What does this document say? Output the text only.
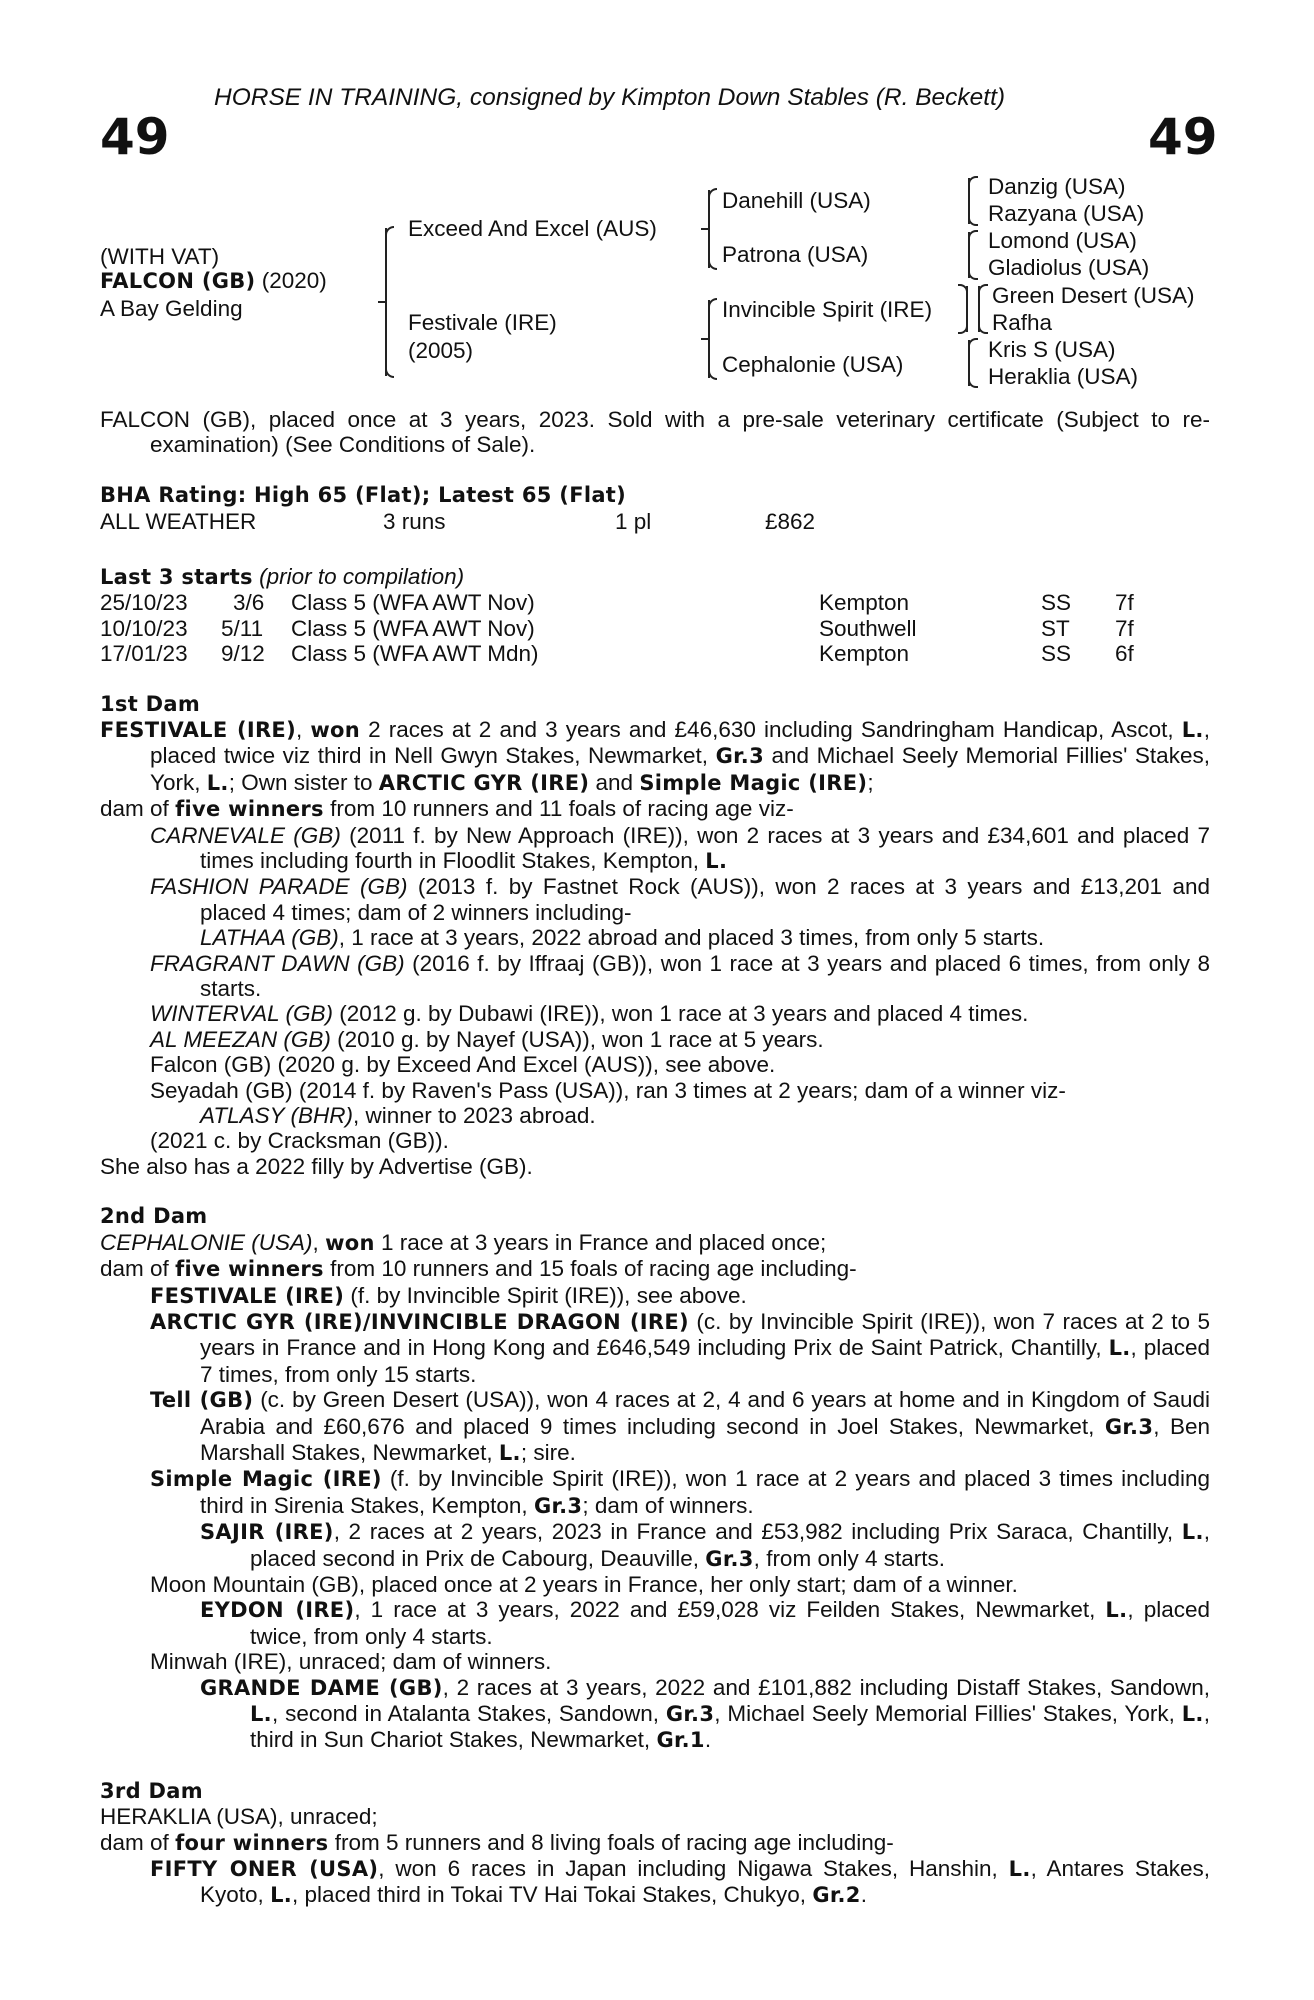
49	49
HORSE IN TRAINING, consigned by Kimpton Down Stables (R. Beckett)
(WITH VAT)
FALCON (GB) (2020)
A Bay Gelding
Exceed And Excel (AUS)
Festivale (IRE)
(2005)
Danehill (USA)
Patrona (USA)
Invincible Spirit (IRE)
Cephalonie (USA)
Danzig (USA)
Razyana (USA)
Lomond (USA)
Gladiolus (USA)
Green Desert (USA)
Rafha
Kris S (USA)
Heraklia (USA)
FALCON (GB), placed once at 3 years, 2023. Sold with a pre-sale veterinary certificate (Subject to re-examination) (See Conditions of Sale).
BHA Rating: High 65 (Flat); Latest 65 (Flat)
ALL WEATHER	3 runs	1 pl	£862
Last 3 starts (prior to compilation)
25/10/23 3/6 Class 5 (WFA AWT Nov)	Kempton	SS 7f
10/10/23 5/11 Class 5 (WFA AWT Nov)	Southwell	ST 7f
17/01/23 9/12 Class 5 (WFA AWT Mdn)	Kempton	SS 6f
1st Dam
FESTIVALE (IRE), won 2 races at 2 and 3 years and £46,630 including Sandringham Handicap, Ascot, L., placed twice viz third in Nell Gwyn Stakes, Newmarket, Gr.3 and Michael Seely Memorial Fillies' Stakes, York, L.; Own sister to ARCTIC GYR (IRE) and Simple Magic (IRE);
dam of five winners from 10 runners and 11 foals of racing age viz-
CARNEVALE (GB) (2011 f. by New Approach (IRE)), won 2 races at 3 years and £34,601 and placed 7 times including fourth in Floodlit Stakes, Kempton, L.
FASHION PARADE (GB) (2013 f. by Fastnet Rock (AUS)), won 2 races at 3 years and £13,201 and placed 4 times; dam of 2 winners including-
LATHAA (GB), 1 race at 3 years, 2022 abroad and placed 3 times, from only 5 starts.
FRAGRANT DAWN (GB) (2016 f. by Iffraaj (GB)), won 1 race at 3 years and placed 6 times, from only 8 starts.
WINTERVAL (GB) (2012 g. by Dubawi (IRE)), won 1 race at 3 years and placed 4 times.
AL MEEZAN (GB) (2010 g. by Nayef (USA)), won 1 race at 5 years.
Falcon (GB) (2020 g. by Exceed And Excel (AUS)), see above.
Seyadah (GB) (2014 f. by Raven's Pass (USA)), ran 3 times at 2 years; dam of a winner viz-
ATLASY (BHR), winner to 2023 abroad.
(2021 c. by Cracksman (GB)).
She also has a 2022 filly by Advertise (GB).
2nd Dam
CEPHALONIE (USA), won 1 race at 3 years in France and placed once;
dam of five winners from 10 runners and 15 foals of racing age including-
FESTIVALE (IRE) (f. by Invincible Spirit (IRE)), see above.
ARCTIC GYR (IRE)/INVINCIBLE DRAGON (IRE) (c. by Invincible Spirit (IRE)), won 7 races at 2 to 5 years in France and in Hong Kong and £646,549 including Prix de Saint Patrick, Chantilly, L., placed 7 times, from only 15 starts.
Tell (GB) (c. by Green Desert (USA)), won 4 races at 2, 4 and 6 years at home and in Kingdom of Saudi Arabia and £60,676 and placed 9 times including second in Joel Stakes, Newmarket, Gr.3, Ben Marshall Stakes, Newmarket, L.; sire.
Simple Magic (IRE) (f. by Invincible Spirit (IRE)), won 1 race at 2 years and placed 3 times including third in Sirenia Stakes, Kempton, Gr.3; dam of winners.
SAJIR (IRE), 2 races at 2 years, 2023 in France and £53,982 including Prix Saraca, Chantilly, L., placed second in Prix de Cabourg, Deauville, Gr.3, from only 4 starts.
Moon Mountain (GB), placed once at 2 years in France, her only start; dam of a winner.
EYDON (IRE), 1 race at 3 years, 2022 and £59,028 viz Feilden Stakes, Newmarket, L., placed twice, from only 4 starts.
Minwah (IRE), unraced; dam of winners.
GRANDE DAME (GB), 2 races at 3 years, 2022 and £101,882 including Distaff Stakes, Sandown, L., second in Atalanta Stakes, Sandown, Gr.3, Michael Seely Memorial Fillies' Stakes, York, L., third in Sun Chariot Stakes, Newmarket, Gr.1.
3rd Dam
HERAKLIA (USA), unraced;
dam of four winners from 5 runners and 8 living foals of racing age including-
FIFTY ONER (USA), won 6 races in Japan including Nigawa Stakes, Hanshin, L., Antares Stakes, Kyoto, L., placed third in Tokai TV Hai Tokai Stakes, Chukyo, Gr.2.
